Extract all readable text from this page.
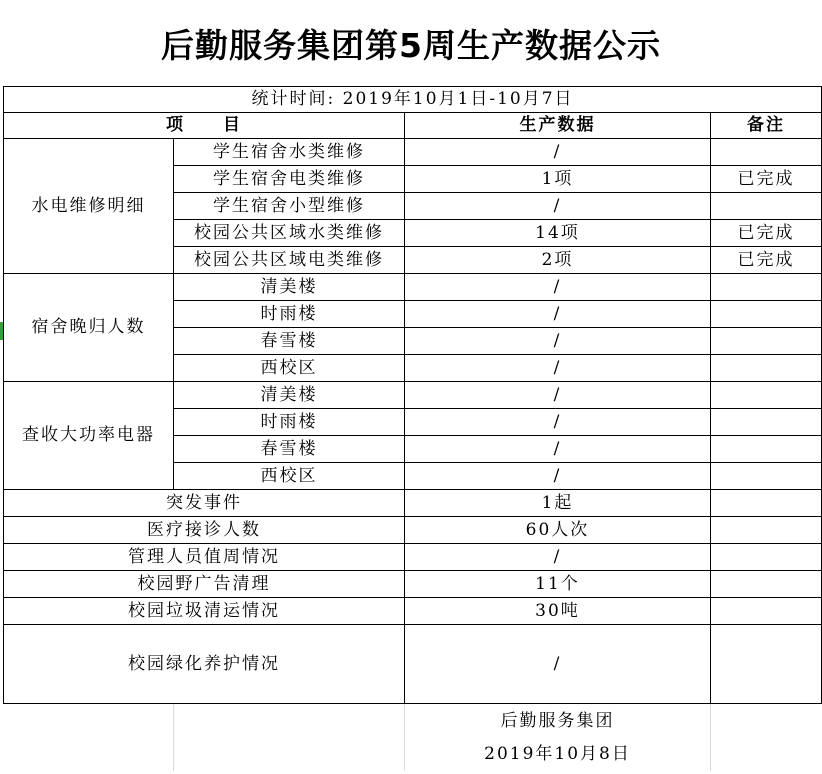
后勤服务集团第5周生产数据公示
统计时间: 2019年10月1日-10月7日			
项　　目		生产数据	备注
水电维修明细	学生宿舍水类维修	/	
	学生宿舍电类维修	1项	已完成
	学生宿舍小型维修	/	
	校园公共区域水类维修	14项	已完成
	校园公共区域电类维修	2项	已完成
宿舍晚归人数	清美楼	/	
	时雨楼	/	
	春雪楼	/	
	西校区	/	
查收大功率电器	清美楼	/	
	时雨楼	/	
	春雪楼	/	
	西校区	/	
突发事件		1起	
医疗接诊人数		60人次	
管理人员值周情况		/	
校园野广告清理		11个	
校园垃圾清运情况		30吨	
校园绿化养护情况		/	
		后勤服务集团	
		2019年10月8日	
